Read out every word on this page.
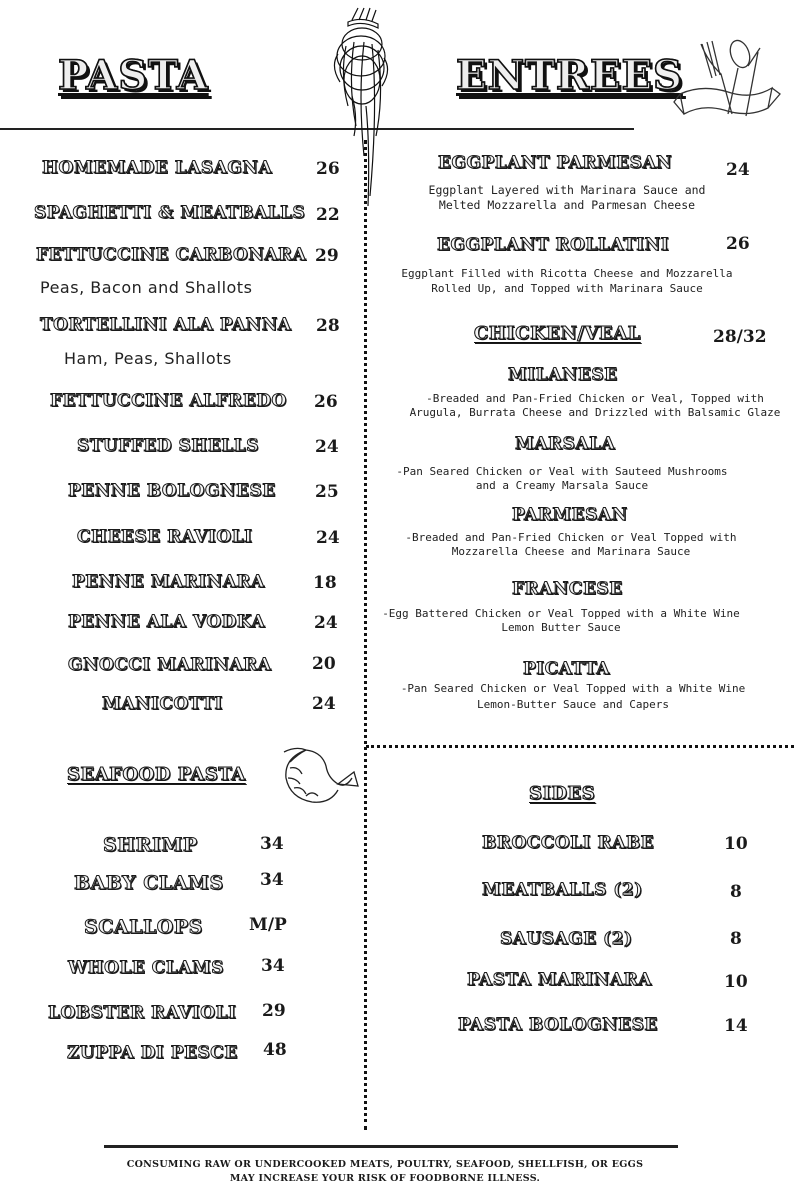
PASTA	ENTREES
HOMEMADE LASAGNA	26
SPAGHETTI & MEATBALLS 22
FETTUCCINE CARBONARA 29
Peas, Bacon and Shallots
TORTELLINI ALA PANNA 28
Ham, Peas, Shallots
FETTUCCINE ALFREDO 26
STUFFED SHELLS	24
PENNE BOLOGNESE 25
CHEESE RAVIOLI	24
PENNE MARINARA	18
PENNE ALA VODKA	24
GNOCCI MARINARA 20
MANICOTTI	24
SEAFOOD PASTA
SHRIMP	34
BABY CLAMS 34
SCALLOPS	M/P
WHOLE CLAMS 34
LOBSTER RAVIOLI 29
ZUPPA DI PESCE 48
EGGPLANT PARMESAN	24
Eggplant Layered with Marinara Sauce and
Melted Mozzarella and Parmesan Cheese
EGGPLANT ROLLATINI	26
Eggplant Filled with Ricotta Cheese and Mozzarella
Rolled Up, and Topped with Marinara Sauce
CHICKEN/VEAL	28/32
MILANESE
-Breaded and Pan-Fried Chicken or Veal, Topped with
Arugula, Burrata Cheese and Drizzled with Balsamic Glaze
MARSALA
-Pan Seared Chicken or Veal with Sauteed Mushrooms
and a Creamy Marsala Sauce
PARMESAN
-Breaded and Pan-Fried Chicken or Veal Topped with
Mozzarella Cheese and Marinara Sauce
FRANCESE
-Egg Battered Chicken or Veal Topped with a White Wine
Lemon Butter Sauce
PICATTA
-Pan Seared Chicken or Veal Topped with a White Wine
Lemon-Butter Sauce and Capers
SIDES
BROCCOLI RABE	10
MEATBALLS (2)	8
SAUSAGE (2)	8
PASTA MARINARA	10
PASTA BOLOGNESE	14
CONSUMING RAW OR UNDERCOOKED MEATS, POULTRY, SEAFOOD, SHELLFISH, OR EGGS
MAY INCREASE YOUR RISK OF FOODBORNE ILLNESS.
